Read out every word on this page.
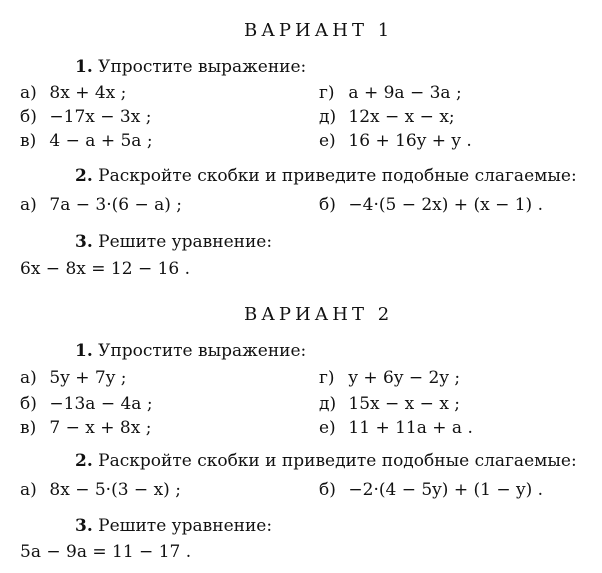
ВАРИАНТ 1
1. Упростите выражение:
а) 8x + 4x ;	г) a + 9a − 3a ;
б) −17x − 3x ;	д) 12x − x − x;
в) 4 − a + 5a ;	е) 16 + 16y + y .
2. Раскройте скобки и приведите подобные слагаемые:
а) 7a − 3·(6 − a) ;	б) −4·(5 − 2x) + (x − 1) .
3. Решите уравнение:
6x − 8x = 12 − 16 .
ВАРИАНТ 2
1. Упростите выражение:
а) 5y + 7y ;	г) y + 6y − 2y ;
б) −13a − 4a ;	д) 15x − x − x ;
в) 7 − x + 8x ;	е) 11 + 11a + a .
2. Раскройте скобки и приведите подобные слагаемые:
а) 8x − 5·(3 − x) ;	б) −2·(4 − 5y) + (1 − y) .
3. Решите уравнение:
5a − 9a = 11 − 17 .
